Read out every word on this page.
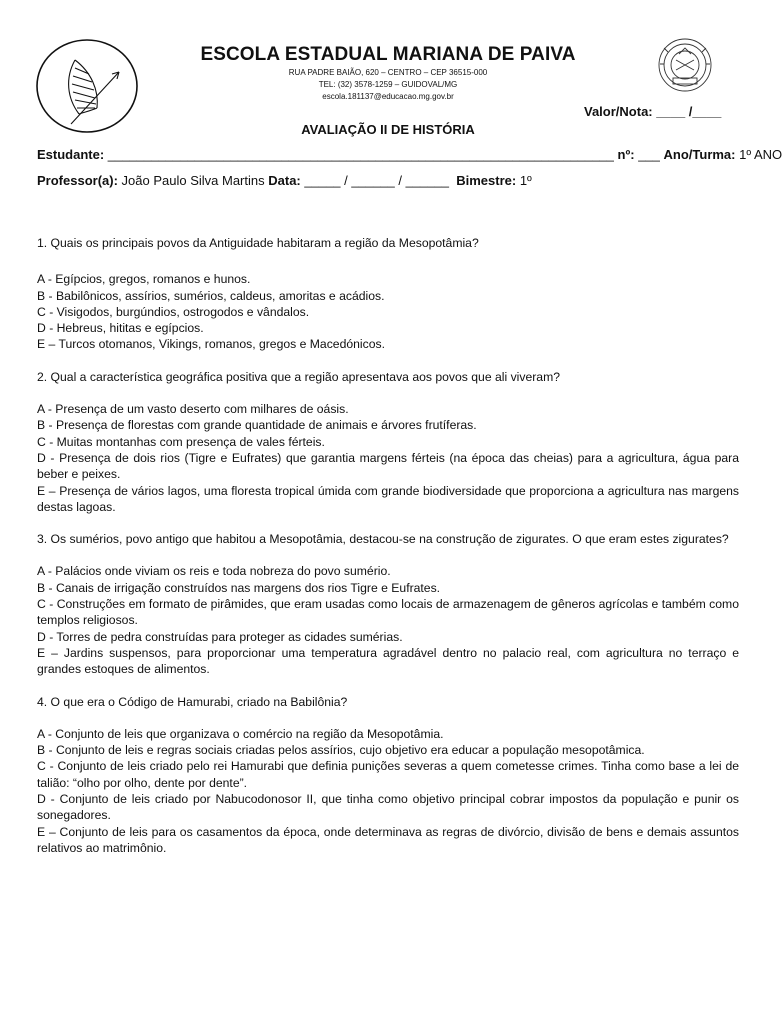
ESCOLA ESTADUAL MARIANA DE PAIVA
RUA PADRE BAIÃO, 620 – CENTRO – CEP 36515-000
TEL: (32) 3578-1259 – GUIDOVAL/MG
escola.181137@educacao.mg.gov.br
Valor/Nota: ____ /____
AVALIAÇÃO II DE HISTÓRIA
Estudante: ______________________________________________________________________ nº: ___ Ano/Turma: 1º ANO
Professor(a): João Paulo Silva Martins Data: _____ / ______ / ______ Bimestre: 1º

1. Quais os principais povos da Antiguidade habitaram a região da Mesopotâmia?

A - Egípcios, gregos, romanos e hunos.

B - Babilônicos, assírios, sumérios, caldeus, amoritas e acádios.

C - Visigodos, burgúndios, ostrogodos e vândalos.

D - Hebreus, hititas e egípcios.

E – Turcos otomanos, Vikings, romanos, gregos e Macedónicos.

2. Qual a característica geográfica positiva que a região apresentava aos povos que ali viveram?

A - Presença de um vasto deserto com milhares de oásis.

B - Presença de florestas com grande quantidade de animais e árvores frutíferas.

C - Muitas montanhas com presença de vales férteis.

D - Presença de dois rios (Tigre e Eufrates) que garantia margens férteis (na época das cheias) para a agricultura, água para beber e peixes.

E – Presença de vários lagos, uma floresta tropical úmida com grande biodiversidade que proporciona a agricultura nas margens destas lagoas.

3. Os sumérios, povo antigo que habitou a Mesopotâmia, destacou-se na construção de zigurates. O que eram estes zigurates?

A - Palácios onde viviam os reis e toda nobreza do povo sumério.

B - Canais de irrigação construídos nas margens dos rios Tigre e Eufrates.

C - Construções em formato de pirâmides, que eram usadas como locais de armazenagem de gêneros agrícolas e também como templos religiosos.

D - Torres de pedra construídas para proteger as cidades sumérias.

E – Jardins suspensos, para proporcionar uma temperatura agradável dentro no palacio real, com agricultura no terraço e grandes estoques de alimentos.

4. O que era o Código de Hamurabi, criado na Babilônia?

A - Conjunto de leis que organizava o comércio na região da Mesopotâmia.

B - Conjunto de leis e regras sociais criadas pelos assírios, cujo objetivo era educar a população mesopotâmica.

C - Conjunto de leis criado pelo rei Hamurabi que definia punições severas a quem cometesse crimes. Tinha como base a lei de talião: “olho por olho, dente por dente”.

D - Conjunto de leis criado por Nabucodonosor II, que tinha como objetivo principal cobrar impostos da população e punir os sonegadores.

E – Conjunto de leis para os casamentos da época, onde determinava as regras de divórcio, divisão de bens e demais assuntos relativos ao matrimônio.
